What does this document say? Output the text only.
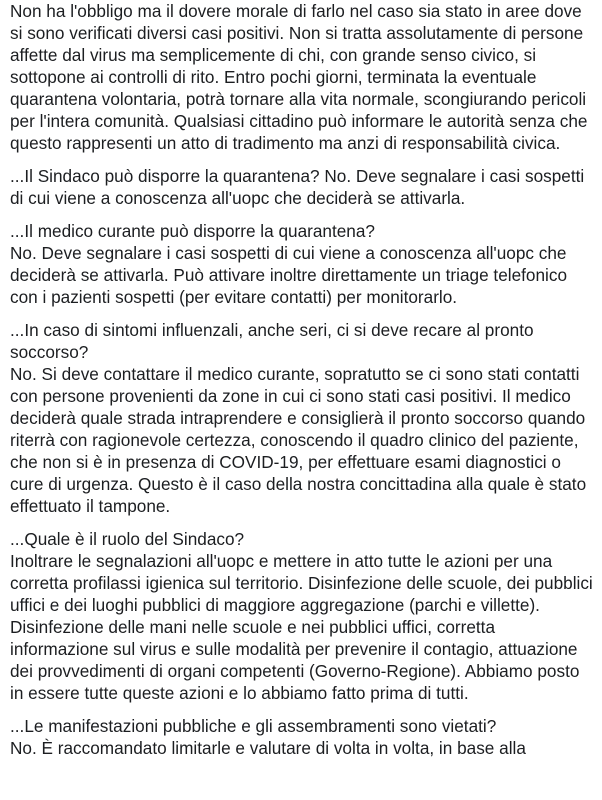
Non ha l'obbligo ma il dovere morale di farlo nel caso sia stato in aree dove si sono verificati diversi casi positivi. Non si tratta assolutamente di persone affette dal virus ma semplicemente di chi, con grande senso civico, si sottopone ai controlli di rito. Entro pochi giorni, terminata la eventuale quarantena volontaria, potrà tornare alla vita normale, scongiurando pericoli per l'intera comunità. Qualsiasi cittadino può informare le autorità senza che questo rappresenti un atto di tradimento ma anzi di responsabilità civica.

...Il Sindaco può disporre la quarantena? No. Deve segnalare i casi sospetti di cui viene a conoscenza all'uopc che deciderà se attivarla.

...Il medico curante può disporre la quarantena?
No. Deve segnalare i casi sospetti di cui viene a conoscenza all'uopc che deciderà se attivarla. Può attivare inoltre direttamente un triage telefonico con i pazienti sospetti (per evitare contatti) per monitorarlo.

...In caso di sintomi influenzali, anche seri, ci si deve recare al pronto soccorso?
No. Si deve contattare il medico curante, sopratutto se ci sono stati contatti con persone provenienti da zone in cui ci sono stati casi positivi. Il medico deciderà quale strada intraprendere e consiglierà il pronto soccorso quando riterrà con ragionevole certezza, conoscendo il quadro clinico del paziente, che non si è in presenza di COVID-19, per effettuare esami diagnostici o cure di urgenza. Questo è il caso della nostra concittadina alla quale è stato effettuato il tampone.

...Quale è il ruolo del Sindaco?
Inoltrare le segnalazioni all'uopc e mettere in atto tutte le azioni per una corretta profilassi igienica sul territorio. Disinfezione delle scuole, dei pubblici uffici e dei luoghi pubblici di maggiore aggregazione (parchi e villette). Disinfezione delle mani nelle scuole e nei pubblici uffici, corretta informazione sul virus e sulle modalità per prevenire il contagio, attuazione dei provvedimenti di organi competenti (Governo-Regione). Abbiamo posto in essere tutte queste azioni e lo abbiamo fatto prima di tutti.

...Le manifestazioni pubbliche e gli assembramenti sono vietati?
No. È raccomandato limitarle e valutare di volta in volta, in base alla
